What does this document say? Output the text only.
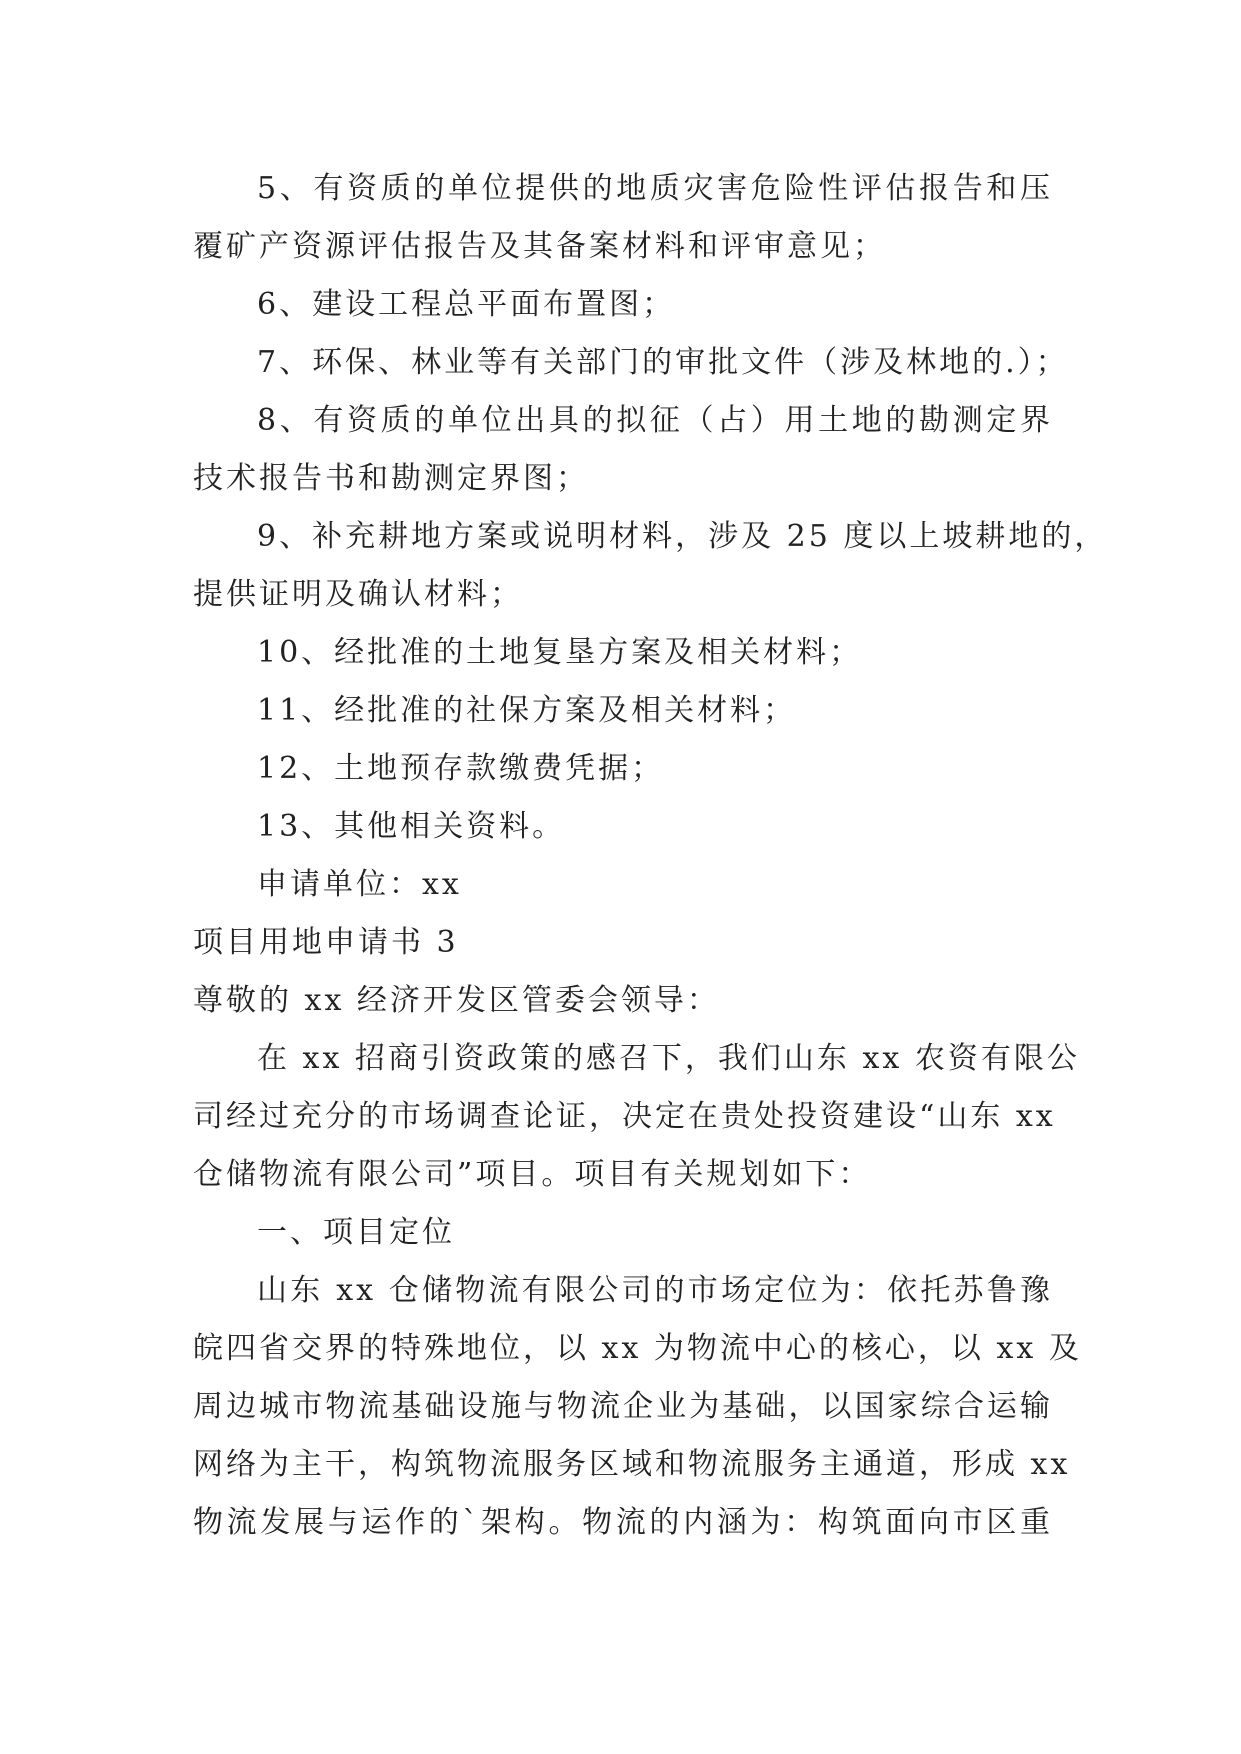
5、有资质的单位提供的地质灾害危险性评估报告和压

覆矿产资源评估报告及其备案材料和评审意见；

6、建设工程总平面布置图；

7、环保、林业等有关部门的审批文件（涉及林地的.）；

8、有资质的单位出具的拟征（占）用土地的勘测定界

技术报告书和勘测定界图；

9、补充耕地方案或说明材料，涉及 25 度以上坡耕地的，

提供证明及确认材料；

10、经批准的土地复垦方案及相关材料；

11、经批准的社保方案及相关材料；

12、土地预存款缴费凭据；

13、其他相关资料。

申请单位：xx

项目用地申请书 3

尊敬的 xx 经济开发区管委会领导：

在 xx 招商引资政策的感召下，我们山东 xx 农资有限公

司经过充分的市场调查论证，决定在贵处投资建设“山东 xx

仓储物流有限公司”项目。项目有关规划如下：

一、项目定位

山东 xx 仓储物流有限公司的市场定位为：依托苏鲁豫

皖四省交界的特殊地位，以 xx 为物流中心的核心，以 xx 及

周边城市物流基础设施与物流企业为基础，以国家综合运输

网络为主干，构筑物流服务区域和物流服务主通道，形成 xx

物流发展与运作的`架构。物流的内涵为：构筑面向市区重
